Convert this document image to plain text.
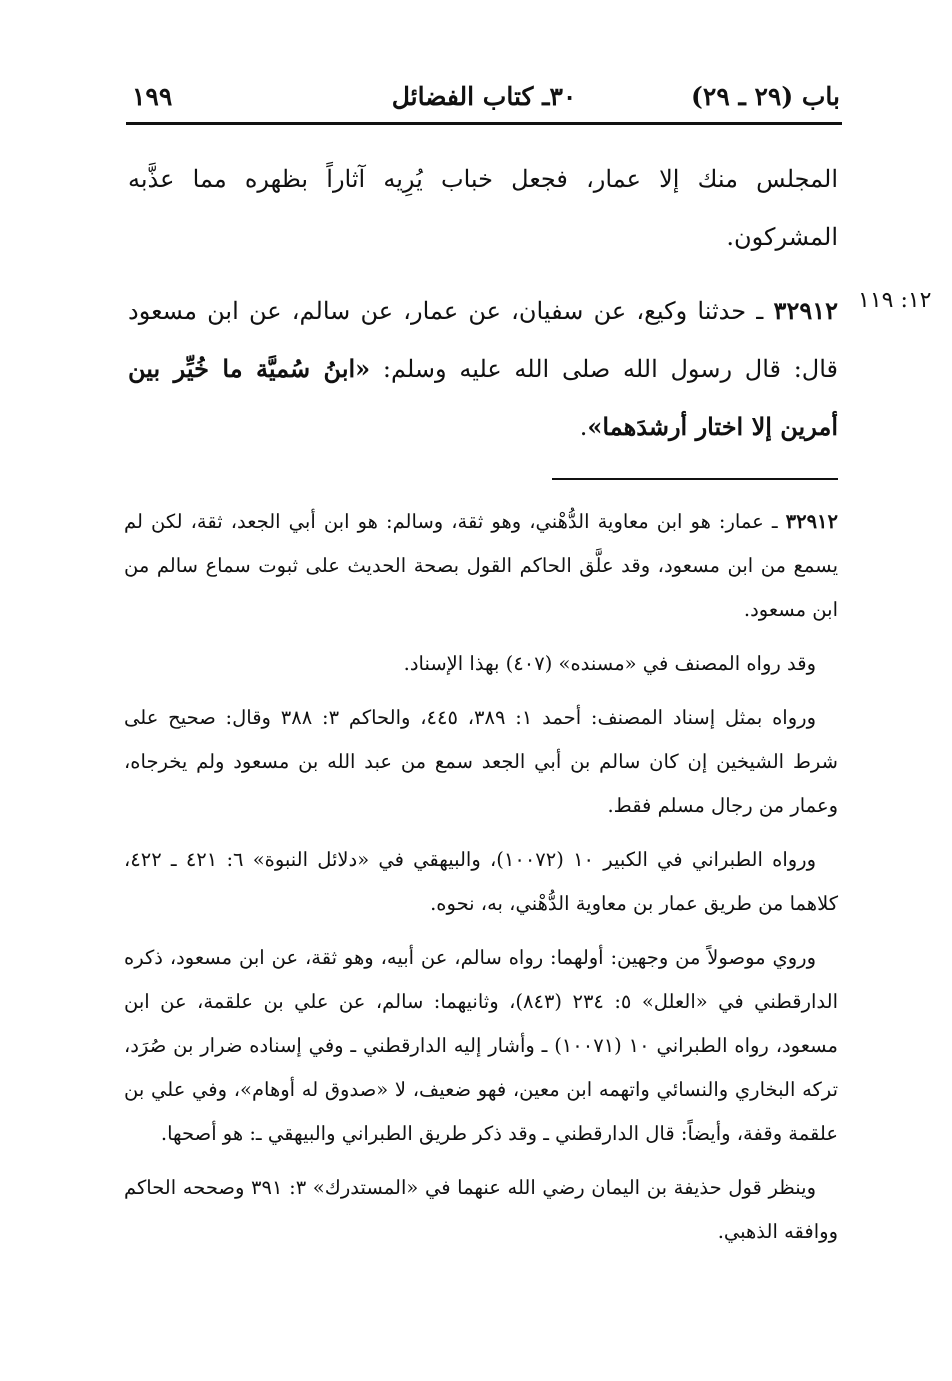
باب (٢٩ ـ ٢٩)
٣٠ـ كتاب الفضائل
١٩٩
المجلس منك إلا عمار، فجعل خباب يُرِيه آثاراً بظهره مما عذَّبه المشركون.
١٢: ١١٩
٣٢٩١٢ ـ حدثنا وكيع، عن سفيان، عن عمار، عن سالم، عن ابن مسعود قال: قال رسول الله صلى الله عليه وسلم: «ابنُ سُميَّة ما خُيِّر بين أمرين إلا اختار أرشدَهما».

٣٢٩١٢ ـ عمار: هو ابن معاوية الدُّهْني، وهو ثقة، وسالم: هو ابن أبي الجعد، ثقة، لكن لم يسمع من ابن مسعود، وقد علَّق الحاكم القول بصحة الحديث على ثبوت سماع سالم من ابن مسعود.

وقد رواه المصنف في «مسنده» (٤٠٧) بهذا الإسناد.

ورواه بمثل إسناد المصنف: أحمد ١: ٣٨٩، ٤٤٥، والحاكم ٣: ٣٨٨ وقال: صحيح على شرط الشيخين إن كان سالم بن أبي الجعد سمع من عبد الله بن مسعود ولم يخرجاه، وعمار من رجال مسلم فقط.

ورواه الطبراني في الكبير ١٠ (١٠٠٧٢)، والبيهقي في «دلائل النبوة» ٦: ٤٢١ ـ ٤٢٢، كلاهما من طريق عمار بن معاوية الدُّهْني، به، نحوه.

وروي موصولاً من وجهين: أولهما: رواه سالم، عن أبيه، وهو ثقة، عن ابن مسعود، ذكره الدارقطني في «العلل» ٥: ٢٣٤ (٨٤٣)، وثانيهما: سالم، عن علي بن علقمة، عن ابن مسعود، رواه الطبراني ١٠ (١٠٠٧١) ـ وأشار إليه الدارقطني ـ وفي إسناده ضرار بن صُرَد، تركه البخاري والنسائي واتهمه ابن معين، فهو ضعيف، لا «صدوق له أوهام»، وفي علي بن علقمة وقفة، وأيضاً: قال الدارقطني ـ وقد ذكر طريق الطبراني والبيهقي ـ: هو أصحها.

وينظر قول حذيفة بن اليمان رضي الله عنهما في «المستدرك» ٣: ٣٩١ وصححه الحاكم ووافقه الذهبي.
